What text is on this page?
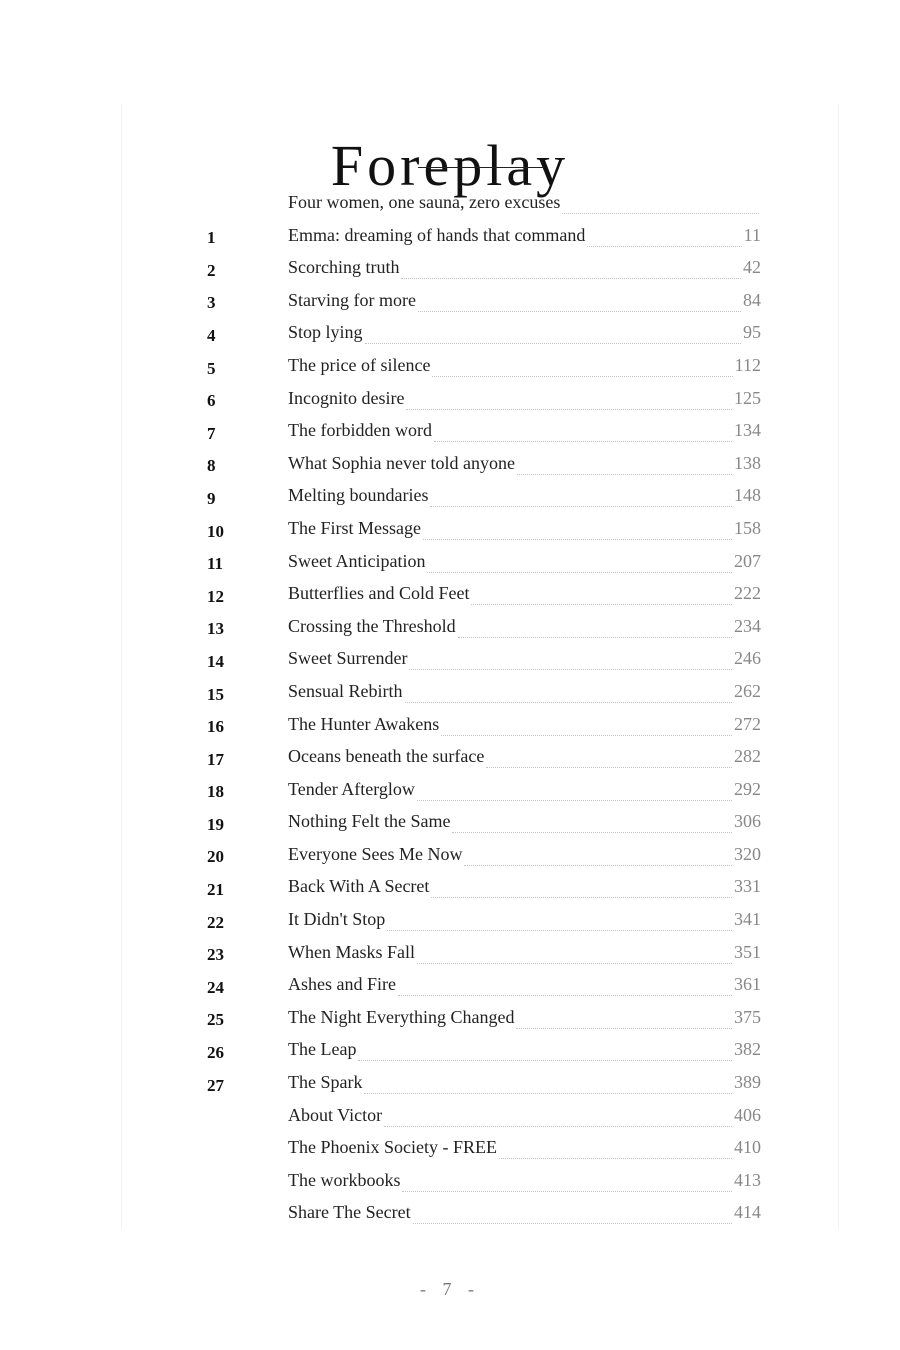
Foreplay
Four women, one sauna, zero excuses
1	Emma: dreaming of hands that command	11
2	Scorching truth	42
3	Starving for more	84
4	Stop lying	95
5	The price of silence	112
6	Incognito desire	125
7	The forbidden word	134
8	What Sophia never told anyone	138
9	Melting boundaries	148
10	The First Message	158
11	Sweet Anticipation	207
12	Butterflies and Cold Feet	222
13	Crossing the Threshold	234
14	Sweet Surrender	246
15	Sensual Rebirth	262
16	The Hunter Awakens	272
17	Oceans beneath the surface	282
18	Tender Afterglow	292
19	Nothing Felt the Same	306
20	Everyone Sees Me Now	320
21	Back With A Secret	331
22	It Didn't Stop	341
23	When Masks Fall	351
24	Ashes and Fire	361
25	The Night Everything Changed	375
26	The Leap	382
27	The Spark	389
About Victor	406
The Phoenix Society - FREE	410
The workbooks	413
Share The Secret	414
- 7 -
